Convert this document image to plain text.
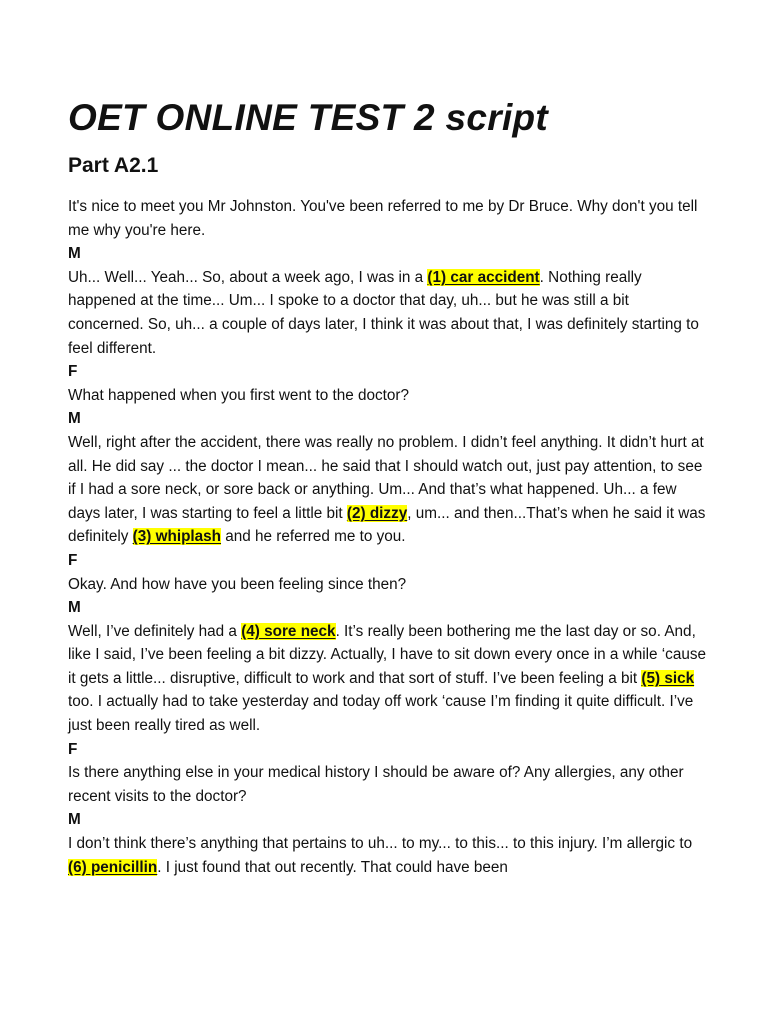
OET ONLINE TEST 2 script
Part A2.1

It's nice to meet you Mr Johnston. You've been referred to me by Dr Bruce. Why don't you tell me why you're here.

M

Uh... Well... Yeah... So, about a week ago, I was in a (1) car accident. Nothing really happened at the time... Um... I spoke to a doctor that day, uh... but he was still a bit concerned. So, uh... a couple of days later, I think it was about that, I was definitely starting to feel different.

F

What happened when you first went to the doctor?

M

Well, right after the accident, there was really no problem. I didn’t feel anything. It didn’t hurt at all. He did say ... the doctor I mean... he said that I should watch out, just pay attention, to see if I had a sore neck, or sore back or anything. Um... And that’s what happened. Uh... a few days later, I was starting to feel a little bit (2) dizzy, um... and then...That’s when he said it was definitely (3) whiplash and he referred me to you.

F

Okay. And how have you been feeling since then?

M

Well, I’ve definitely had a (4) sore neck. It’s really been bothering me the last day or so. And, like I said, I’ve been feeling a bit dizzy. Actually, I have to sit down every once in a while ‘cause it gets a little... disruptive, difficult to work and that sort of stuff. I’ve been feeling a bit (5) sick too. I actually had to take yesterday and today off work ‘cause I’m finding it quite difficult. I’ve just been really tired as well.

F

Is there anything else in your medical history I should be aware of? Any allergies, any other recent visits to the doctor?

M

I don’t think there’s anything that pertains to uh... to my... to this... to this injury. I’m allergic to (6) penicillin. I just found that out recently. That could have been
